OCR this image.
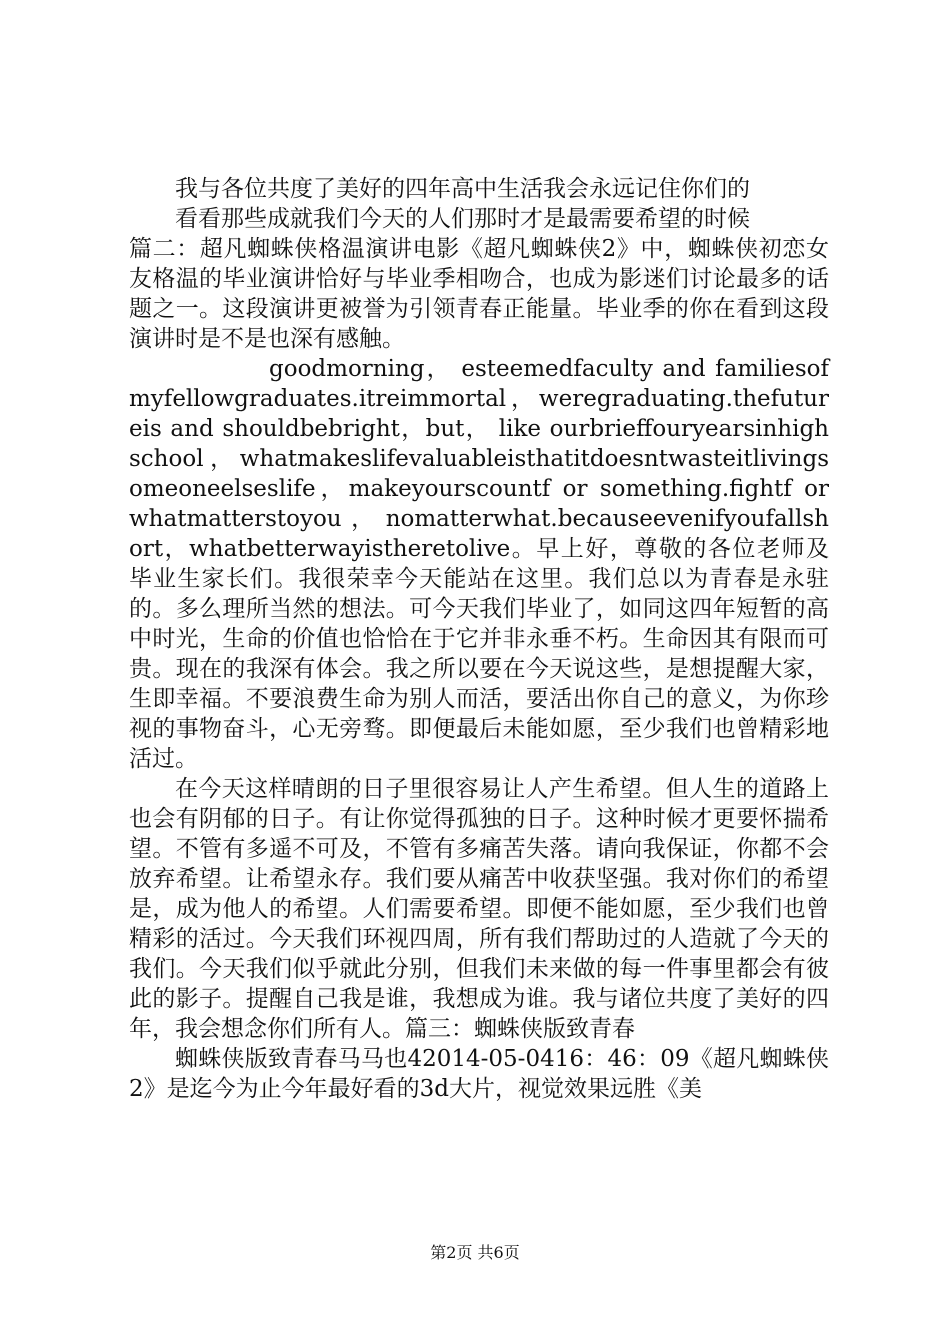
我与各位共度了美好的四年高中生活我会永远记住你们的

看看那些成就我们今天的人们那时才是最需要希望的时候

篇二：超凡蜘蛛侠格温演讲电影《超凡蜘蛛侠2》中，蜘蛛侠初恋女友格温的毕业演讲恰好与毕业季相吻合，也成为影迷们讨论最多的话题之一。这段演讲更被誉为引领青春正能量。毕业季的你在看到这段演讲时是不是也深有感触。

goodmorning， esteemedfaculty and familiesofmyfellowgraduates.itreimmortal，weregraduating.thefutureis and shouldbebright，but， like ourbrieffouryearsinhighschool，whatmakeslifevaluableisthatitdoesntwasteitlivingsomeoneelseslife，makeyourscountf or something.fightf or whatmatterstoyou ， nomatterwhat.becauseevenifyoufallshort，whatbetterwayistheretolive。早上好，尊敬的各位老师及毕业生家长们。我很荣幸今天能站在这里。我们总以为青春是永驻的。多么理所当然的想法。可今天我们毕业了，如同这四年短暂的高中时光，生命的价值也恰恰在于它并非永垂不朽。生命因其有限而可贵。现在的我深有体会。我之所以要在今天说这些，是想提醒大家，生即幸福。不要浪费生命为别人而活，要活出你自己的意义，为你珍视的事物奋斗，心无旁骛。即便最后未能如愿，至少我们也曾精彩地活过。

在今天这样晴朗的日子里很容易让人产生希望。但人生的道路上也会有阴郁的日子。有让你觉得孤独的日子。这种时候才更要怀揣希望。不管有多遥不可及，不管有多痛苦失落。请向我保证，你都不会放弃希望。让希望永存。我们要从痛苦中收获坚强。我对你们的希望是，成为他人的希望。人们需要希望。即便不能如愿，至少我们也曾精彩的活过。今天我们环视四周，所有我们帮助过的人造就了今天的我们。今天我们似乎就此分别，但我们未来做的每一件事里都会有彼此的影子。提醒自己我是谁，我想成为谁。我与诸位共度了美好的四年，我会想念你们所有人。篇三：蜘蛛侠版致青春

蜘蛛侠版致青春马马也42014-05-0416：46：09《超凡蜘蛛侠2》是迄今为止今年最好看的3d大片，视觉效果远胜《美

第2页 共6页
